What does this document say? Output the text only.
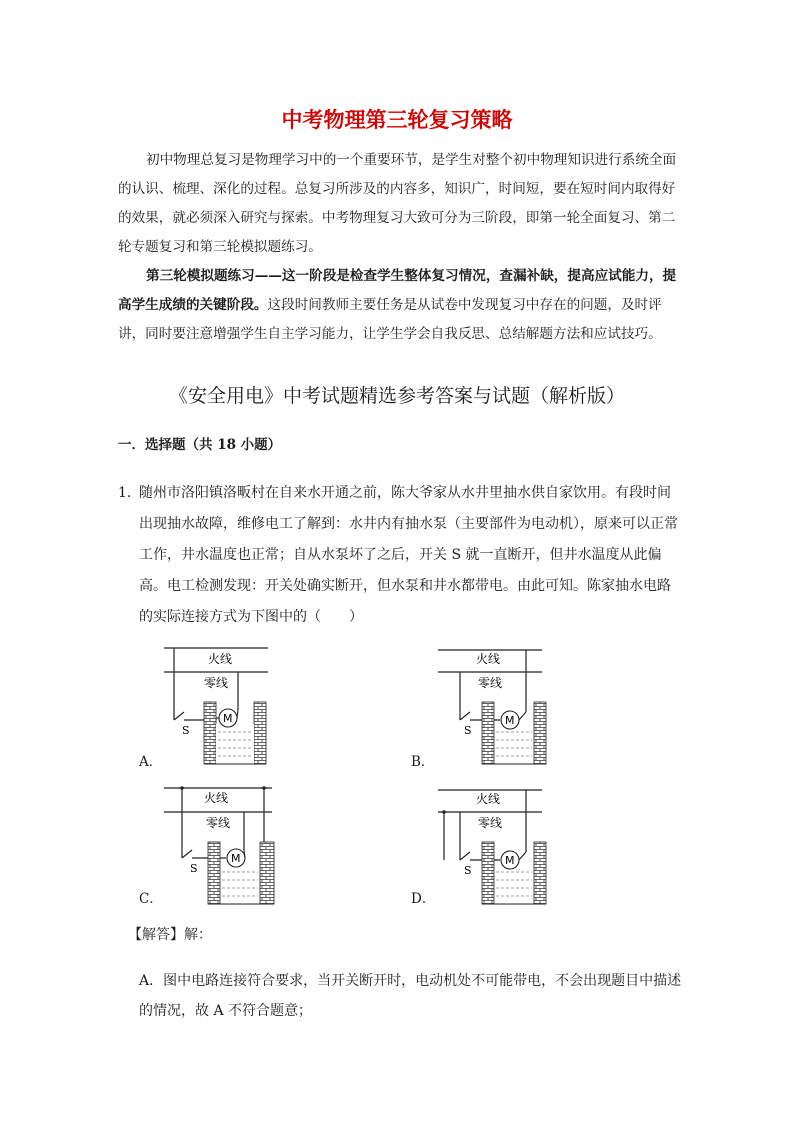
中考物理第三轮复习策略

初中物理总复习是物理学习中的一个重要环节，是学生对整个初中物理知识进行系统全面的认识、梳理、深化的过程。总复习所涉及的内容多，知识广，时间短，要在短时间内取得好的效果，就必须深入研究与探索。中考物理复习大致可分为三阶段，即第一轮全面复习、第二轮专题复习和第三轮模拟题练习。

第三轮模拟题练习——这一阶段是检查学生整体复习情况，查漏补缺，提高应试能力，提高学生成绩的关键阶段。这段时间教师主要任务是从试卷中发现复习中存在的问题，及时评讲，同时要注意增强学生自主学习能力，让学生学会自我反思、总结解题方法和应试技巧。

《安全用电》中考试题精选参考答案与试题（解析版）
一．选择题（共 18 小题）
1．

随州市洛阳镇洛畈村在自来水开通之前，陈大爷家从水井里抽水供自家饮用。有段时间出现抽水故障，维修电工了解到：水井内有抽水泵（主要部件为电动机），原来可以正常工作，井水温度也正常；自从水泵坏了之后，开关 S 就一直断开，但井水温度从此偏高。电工检测发现：开关处确实断开，但水泵和井水都带电。由此可知。陈家抽水电路的实际连接方式为下图中的（　　）

A．
火线
零线
S
M
B．
火线
零线
S
M
C．
火线
零线
S
M
D．
火线
零线
S
M
【解答】解：

A．图中电路连接符合要求，当开关断开时，电动机处不可能带电，不会出现题目中描述的情况，故 A 不符合题意；
